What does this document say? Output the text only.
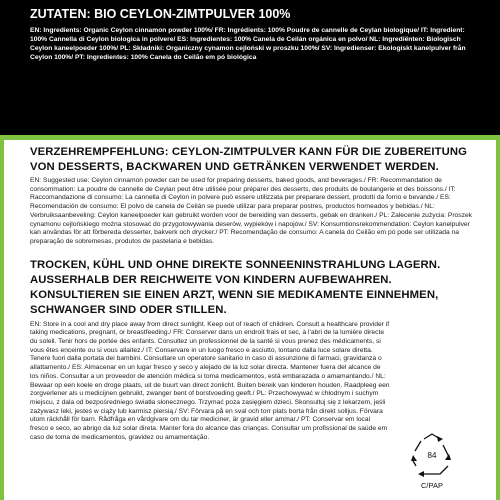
ZUTATEN: BIO CEYLON-ZIMTPULVER 100%

EN: Ingredients: Organic Ceylon cinnamon powder 100%/ FR: Ingrédients: 100% Poudre de cannelle de Ceylan biologique/ IT: Ingredient: 100% Cannella di Ceylon biologica in polvere/ ES: Ingredientes: 100% Canela de Ceilán orgánica en polvo/ NL: Ingrediënten: Biologisch Ceylon kaneelpoeder 100%/ PL: Składniki: Organiczny cynamon cejloński w proszku 100%/ SV: Ingredienser: Ekologiskt kanelpulver från Ceylon 100%/ PT: Ingredientes: 100% Canela do Ceilão em pó biológica

VERZEHREMPFEHLUNG: CEYLON-ZIMTPULVER KANN FÜR DIE ZUBEREITUNG VON DESSERTS, BACKWAREN UND GETRÄNKEN VERWENDET WERDEN.

EN: Suggested use: Ceylon cinnamon powder can be used for preparing desserts, baked goods, and beverages./ FR: Recommandation de consommation: La poudre de cannelle de Ceylan peut être utilisée pour préparer des desserts, des produits de boulangerie et des boissons./ IT: Raccomandazione di consumo: La cannella di Ceylon in polvere può essere utilizzata per preparare dessert, prodotti da forno e bevande./ ES: Recomendación de consumo: El polvo de canela de Ceilán se puede utilizar para preparar postres, productos horneados y bebidas./ NL: Verbruiksaanbeveling: Ceylon kaneelpoeder kan gebruikt worden voor de bereiding van desserts, gebak en dranken./ PL: Zalecenie zużycia: Proszek cynamonu cejlońskiego można stosować do przygotowywania deserów, wypieków i napojów./ SV: Konsumtionsrekommendation: Ceylon kanelpulver kan användas för att förbereda desserter, bakverk och drycker./ PT: Recomendação de consumo: A canela do Ceilão em pó pode ser utilizada na preparação de sobremesas, produtos de pastelaria e bebidas.

TROCKEN, KÜHL UND OHNE DIREKTE SONNEENINSTRAHLUNG LAGERN. AUSSERHALB DER REICHWEITE VON KINDERN AUFBEWAHREN. KONSULTIEREN SIE EINEN ARZT, WENN SIE MEDIKAMENTE EINNEHMEN, SCHWANGER SIND ODER STILLEN.

EN: Store in a cool and dry place away from direct sunlight. Keep out of reach of children. Consult a healthcare provider if taking medications, pregnant, or breastfeeding./ FR: Conserver dans un endroit frais et sec, à l'abri de la lumière directe du soleil. Tenir hors de portée des enfants. Consultez un professionnel de la santé si vous prenez des médicaments, si vous êtes enceinte ou si vous allaitez./ IT: Conservare in un luogo fresco e asciutto, lontano dalla luce solare diretta. Tenere fuori dalla portata dei bambini. Consultare un operatore sanitario in caso di assunzione di farmaci, gravidanza o allattamento./ ES: Almacenar en un lugar fresco y seco y alejado de la luz solar directa. Mantener fuera del alcance de los niños. Consultar a un proveedor de atención médica si toma medicamentos, está embarazada o amamantando./ NL: Bewaar op een koele en droge plaats, uit de buurt van direct zonlicht. Buiten bereik van kinderen houden. Raadpleeg een zorgverlener als u medicijnen gebruikt, zwanger bent of borstvoeding geeft./ PL: Przechowywać w chłodnym i suchym miejscu, z dala od bezpośredniego światła słonecznego. Trzymać poza zasięgiem dzieci. Skonsultuj się z lekarzem, jeśli zażywasz leki, jesteś w ciąży lub karmisz piersią./ SV: Förvara på en sval och torr plats borta från direkt solljus. Förvara utom räckhåll för barn. Rådfråga en vårdgivare om du tar mediciner, är gravid eller ammar./ PT: Conservar em local fresco e seco, ao abrigo da luz solar direta. Manter fora do alcance das crianças. Consultar um profissional de saúde em caso de toma de medicamentos, gravidez ou amamentação.

84
C/PAP
